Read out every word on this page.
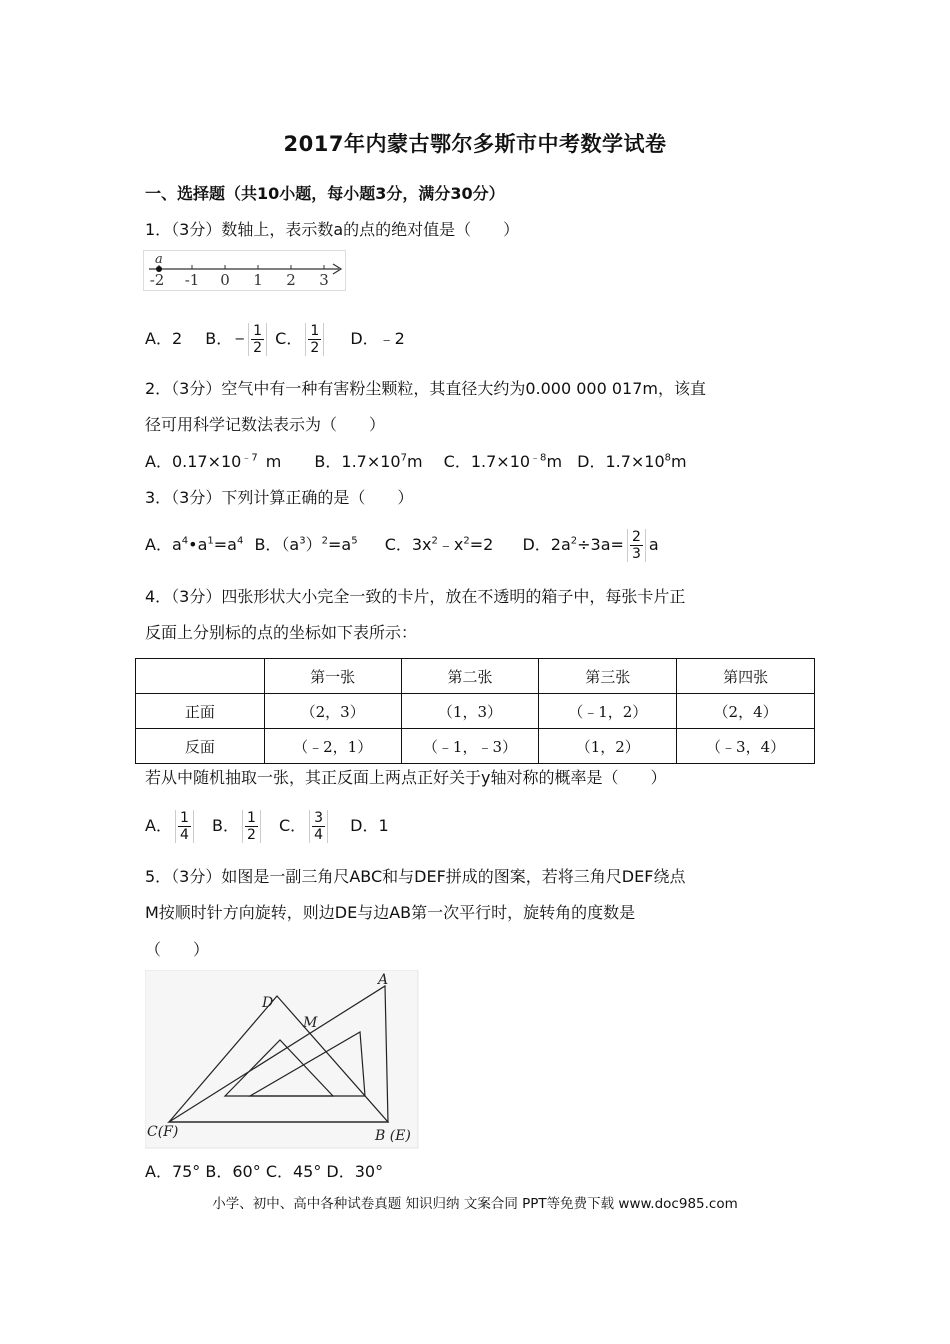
2017年内蒙古鄂尔多斯市中考数学试卷
一、选择题（共10小题，每小题3分，满分30分）
1．（3分）数轴上，表示数a的点的绝对值是（　　）
a
-2 -1 0 1 2 3
A．2 B． − $\frac{1}{2}$ C． $\frac{1}{2}$ D．﹣2
2．（3分）空气中有一种有害粉尘颗粒，其直径大约为0.000 000 017m，该直
径可用科学记数法表示为（　　）
A．$0.17\times 10^{﹣7}$ m B．$1.7\times 10^7m$ C．$1.7\times 10^{﹣8}m$ D．$1.7\times 10^8m$
3．（3分）下列计算正确的是（　　）
A．$a^4•a^1=a^4$ B．$(a^3)^2=a^5$ C．$3x^2﹣x^2=2$ D．$2a^2\div 3a= \frac{2}{3}$ a
4．（3分）四张形状大小完全一致的卡片，放在不透明的箱子中，每张卡片正
反面上分别标的点的坐标如下表所示：
	第一张	第二张	第三张	第四张
正面	（2，3）	（1，3）	（﹣1，2）	（2，4）
反面	（﹣2，1）	（﹣1，﹣3）	（1，2）	（﹣3，4）
若从中随机抽取一张，其正反面上两点正好关于y轴对称的概率是（　　）
A． $\frac{1}{4}$ B． $\frac{1}{2}$ C． $\frac{3}{4}$ D．1
5．（3分）如图是一副三角尺ABC和与DEF拼成的图案，若将三角尺DEF绕点
M按顺时针方向旋转，则边DE与边AB第一次平行时，旋转角的度数是
（　　）
A
D
M
C(F)	B (E)
A．75° B．60° C．45° D．30°
小学、初中、高中各种试卷真题 知识归纳 文案合同 PPT等免费下载 www.doc985.com
